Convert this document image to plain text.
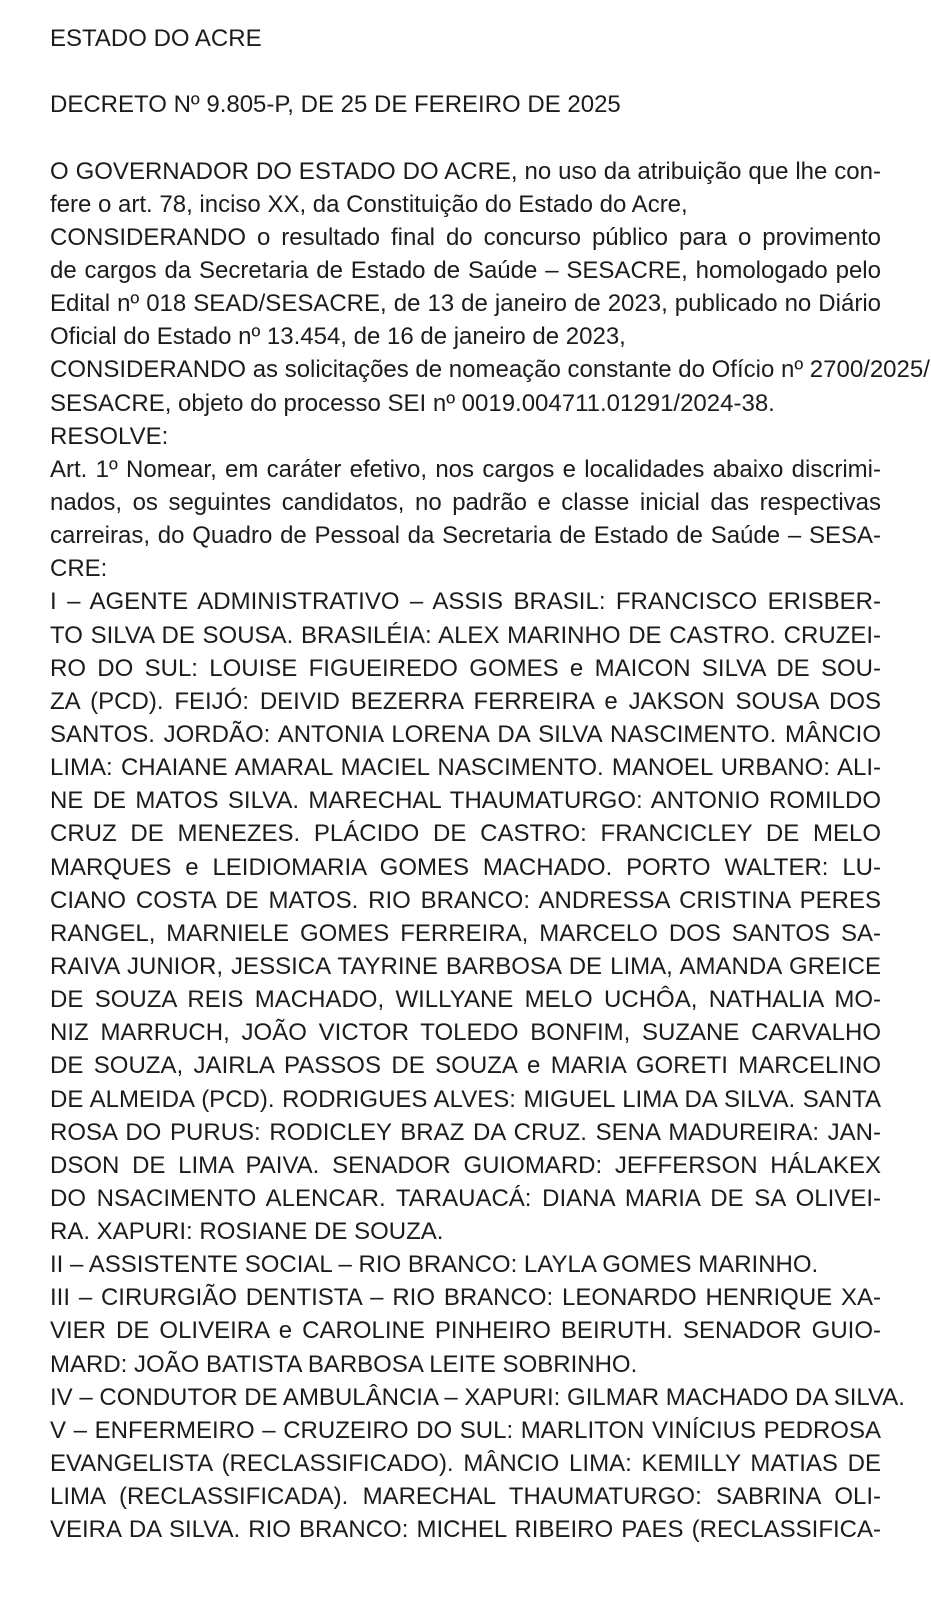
ESTADO DO ACRE
DECRETO Nº 9.805-P, DE 25 DE FEREIRO DE 2025
O GOVERNADOR DO ESTADO DO ACRE, no uso da atribuição que lhe con-
fere o art. 78, inciso XX, da Constituição do Estado do Acre,
CONSIDERANDO o resultado final do concurso público para o provimento
de cargos da Secretaria de Estado de Saúde – SESACRE, homologado pelo
Edital nº 018 SEAD/SESACRE, de 13 de janeiro de 2023, publicado no Diário
Oficial do Estado nº 13.454, de 16 de janeiro de 2023,
CONSIDERANDO as solicitações de nomeação constante do Ofício nº 2700/2025/
SESACRE, objeto do processo SEI nº 0019.004711.01291/2024-38.
RESOLVE:
Art. 1º Nomear, em caráter efetivo, nos cargos e localidades abaixo discrimi-
nados, os seguintes candidatos, no padrão e classe inicial das respectivas
carreiras, do Quadro de Pessoal da Secretaria de Estado de Saúde – SESA-
CRE:
I – AGENTE ADMINISTRATIVO – ASSIS BRASIL: FRANCISCO ERISBER-
TO SILVA DE SOUSA. BRASILÉIA: ALEX MARINHO DE CASTRO. CRUZEI-
RO DO SUL: LOUISE FIGUEIREDO GOMES e MAICON SILVA DE SOU-
ZA (PCD). FEIJÓ: DEIVID BEZERRA FERREIRA e JAKSON SOUSA DOS
SANTOS. JORDÃO: ANTONIA LORENA DA SILVA NASCIMENTO. MÂNCIO
LIMA: CHAIANE AMARAL MACIEL NASCIMENTO. MANOEL URBANO: ALI-
NE DE MATOS SILVA. MARECHAL THAUMATURGO: ANTONIO ROMILDO
CRUZ DE MENEZES. PLÁCIDO DE CASTRO: FRANCICLEY DE MELO
MARQUES e LEIDIOMARIA GOMES MACHADO. PORTO WALTER: LU-
CIANO COSTA DE MATOS. RIO BRANCO: ANDRESSA CRISTINA PERES
RANGEL, MARNIELE GOMES FERREIRA, MARCELO DOS SANTOS SA-
RAIVA JUNIOR, JESSICA TAYRINE BARBOSA DE LIMA, AMANDA GREICE
DE SOUZA REIS MACHADO, WILLYANE MELO UCHÔA, NATHALIA MO-
NIZ MARRUCH, JOÃO VICTOR TOLEDO BONFIM, SUZANE CARVALHO
DE SOUZA, JAIRLA PASSOS DE SOUZA e MARIA GORETI MARCELINO
DE ALMEIDA (PCD). RODRIGUES ALVES: MIGUEL LIMA DA SILVA. SANTA
ROSA DO PURUS: RODICLEY BRAZ DA CRUZ. SENA MADUREIRA: JAN-
DSON DE LIMA PAIVA. SENADOR GUIOMARD: JEFFERSON HÁLAKEX
DO NSACIMENTO ALENCAR. TARAUACÁ: DIANA MARIA DE SA OLIVEI-
RA. XAPURI: ROSIANE DE SOUZA.
II – ASSISTENTE SOCIAL – RIO BRANCO: LAYLA GOMES MARINHO.
III – CIRURGIÃO DENTISTA – RIO BRANCO: LEONARDO HENRIQUE XA-
VIER DE OLIVEIRA e CAROLINE PINHEIRO BEIRUTH. SENADOR GUIO-
MARD: JOÃO BATISTA BARBOSA LEITE SOBRINHO.
IV – CONDUTOR DE AMBULÂNCIA – XAPURI: GILMAR MACHADO DA SILVA.
V – ENFERMEIRO – CRUZEIRO DO SUL: MARLITON VINÍCIUS PEDROSA
EVANGELISTA (RECLASSIFICADO). MÂNCIO LIMA: KEMILLY MATIAS DE
LIMA (RECLASSIFICADA). MARECHAL THAUMATURGO: SABRINA OLI-
VEIRA DA SILVA. RIO BRANCO: MICHEL RIBEIRO PAES (RECLASSIFICA-
